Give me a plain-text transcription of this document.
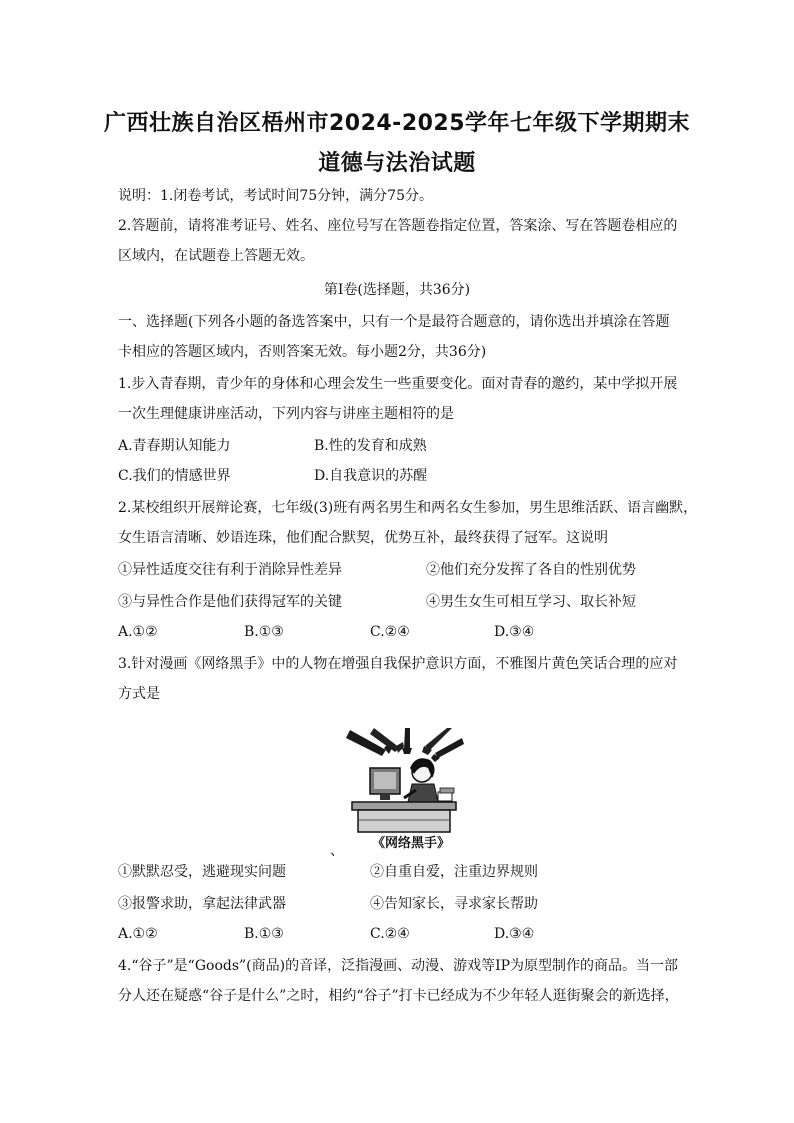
广西壮族自治区梧州市2024-2025学年七年级下学期期末
道德与法治试题
说明：1.闭卷考试，考试时间75分钟，满分75分。
2.答题前，请将准考证号、姓名、座位号写在答题卷指定位置，答案涂、写在答题卷相应的
区域内，在试题卷上答题无效。
第Ⅰ卷(选择题，共36分)
一、选择题(下列各小题的备选答案中，只有一个是最符合题意的，请你选出并填涂在答题
卡相应的答题区域内，否则答案无效。每小题2分，共36分)
1.步入青春期，青少年的身体和心理会发生一些重要变化。面对青春的邀约，某中学拟开展
一次生理健康讲座活动，下列内容与讲座主题相符的是
A.青春期认知能力	B.性的发育和成熟
C.我们的情感世界	D.自我意识的苏醒
2.某校组织开展辩论赛，七年级(3)班有两名男生和两名女生参加，男生思维活跃、语言幽默，
女生语言清晰、妙语连珠，他们配合默契，优势互补，最终获得了冠军。这说明
①异性适度交往有利于消除异性差异	②他们充分发挥了各自的性别优势
③与异性合作是他们获得冠军的关键	④男生女生可相互学习、取长补短
A.①②	B.①③	C.②④	D.③④
3.针对漫画《网络黑手》中的人物在增强自我保护意识方面，不雅图片黄色笑话合理的应对
方式是
《网络黑手》
、
①默默忍受，逃避现实问题	②自重自爱，注重边界规则
③报警求助，拿起法律武器	④告知家长，寻求家长帮助
A.①②	B.①③	C.②④	D.③④
4.“谷子”是“Goods”(商品)的音译，泛指漫画、动漫、游戏等IP为原型制作的商品。当一部
分人还在疑惑“谷子是什么”之时，相约“谷子”打卡已经成为不少年轻人逛街聚会的新选择，
